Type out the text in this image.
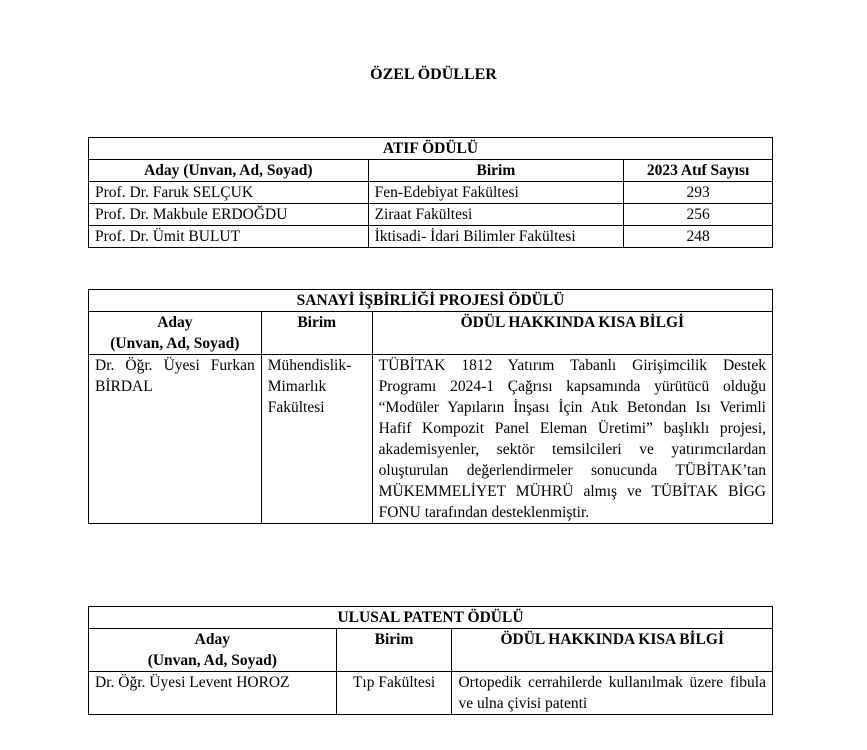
ÖZEL ÖDÜLLER
ATIF ÖDÜLÜ		
Aday (Unvan, Ad, Soyad)	Birim	2023 Atıf Sayısı
Prof. Dr. Faruk SELÇUK	Fen-Edebiyat Fakültesi	293
Prof. Dr. Makbule ERDOĞDU	Ziraat Fakültesi	256
Prof. Dr. Ümit BULUT	İktisadi- İdari Bilimler Fakültesi	248
SANAYİ İŞBİRLİĞİ PROJESİ ÖDÜLÜ		

Aday
(Unvan, Ad, Soyad)	Birim	ÖDÜL HAKKINDA KISA BİLGİ
Dr. Öğr. Üyesi Furkan BİRDAL	Mühendislik-Mimarlık Fakültesi	TÜBİTAK 1812 Yatırım Tabanlı Girişimcilik Destek Programı 2024-1 Çağrısı kapsamında yürütücü olduğu “Modüler Yapıların İnşası İçin Atık Betondan Isı Verimli Hafif Kompozit Panel Eleman Üretimi” başlıklı projesi, akademisyenler, sektör temsilcileri ve yatırımcılardan oluşturulan değerlendirmeler sonucunda TÜBİTAK’tan MÜKEMMELİYET MÜHRÜ almış ve TÜBİTAK BİGG FONU tarafından desteklenmiştir.
ULUSAL PATENT ÖDÜLÜ		

Aday
(Unvan, Ad, Soyad)	Birim	ÖDÜL HAKKINDA KISA BİLGİ
Dr. Öğr. Üyesi Levent HOROZ	Tıp Fakültesi	Ortopedik cerrahilerde kullanılmak üzere fibula ve ulna çivisi patenti
